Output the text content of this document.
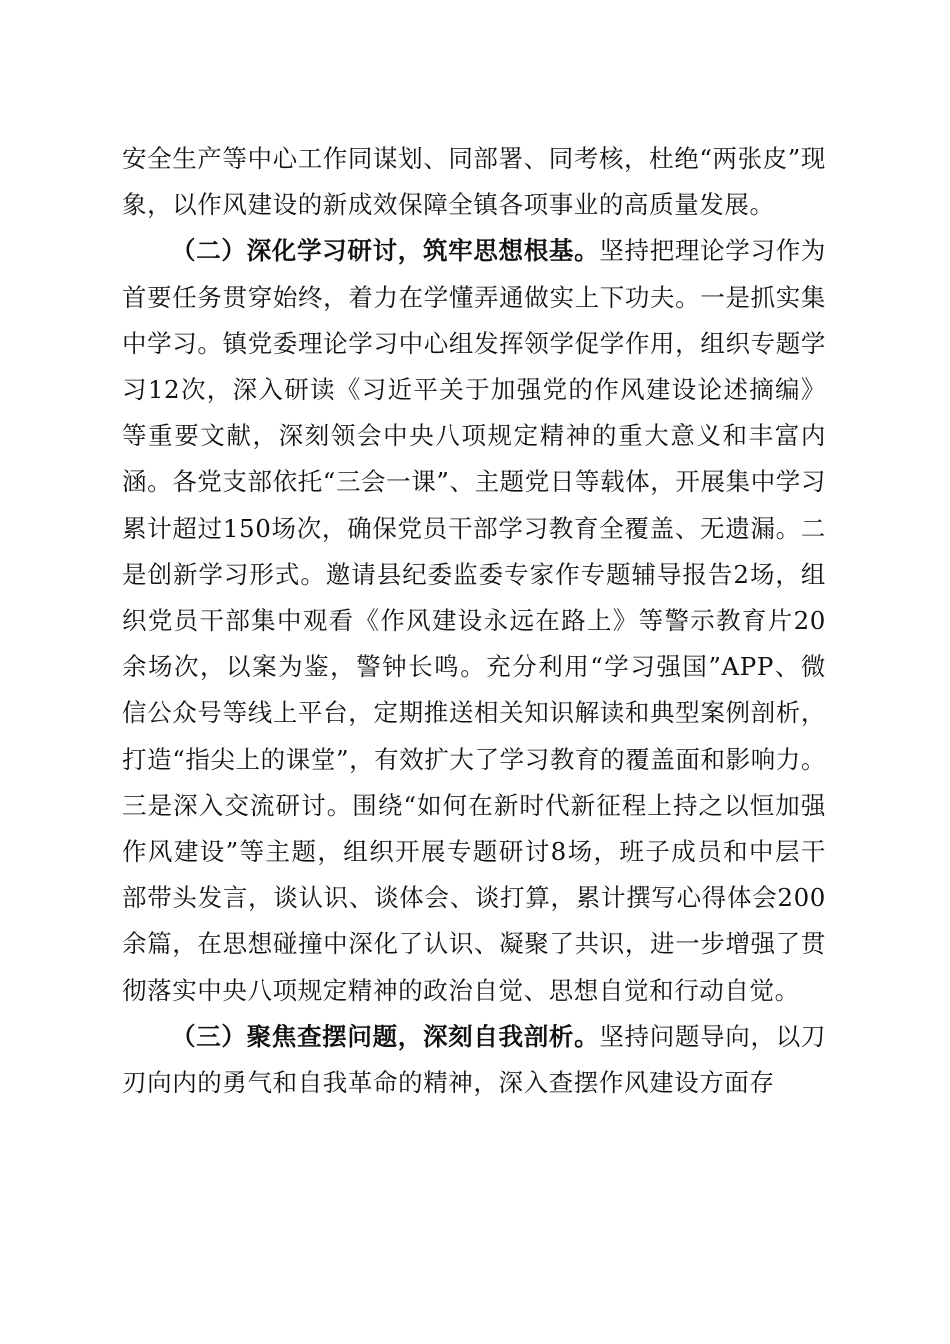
安全生产等中心工作同谋划、同部署、同考核，杜绝“两张皮”现象，以作风建设的新成效保障全镇各项事业的高质量发展。

（二）深化学习研讨，筑牢思想根基。坚持把理论学习作为首要任务贯穿始终，着力在学懂弄通做实上下功夫。一是抓实集中学习。镇党委理论学习中心组发挥领学促学作用，组织专题学习12次，深入研读《习近平关于加强党的作风建设论述摘编》等重要文献，深刻领会中央八项规定精神的重大意义和丰富内涵。各党支部依托“三会一课”、主题党日等载体，开展集中学习累计超过150场次，确保党员干部学习教育全覆盖、无遗漏。二是创新学习形式。邀请县纪委监委专家作专题辅导报告2场，组织党员干部集中观看《作风建设永远在路上》等警示教育片20余场次，以案为鉴，警钟长鸣。充分利用“学习强国”APP、微信公众号等线上平台，定期推送相关知识解读和典型案例剖析，打造“指尖上的课堂”，有效扩大了学习教育的覆盖面和影响力。三是深入交流研讨。围绕“如何在新时代新征程上持之以恒加强作风建设”等主题，组织开展专题研讨8场，班子成员和中层干部带头发言，谈认识、谈体会、谈打算，累计撰写心得体会200余篇，在思想碰撞中深化了认识、凝聚了共识，进一步增强了贯彻落实中央八项规定精神的政治自觉、思想自觉和行动自觉。

（三）聚焦查摆问题，深刻自我剖析。坚持问题导向，以刀刃向内的勇气和自我革命的精神，深入查摆作风建设方面存
